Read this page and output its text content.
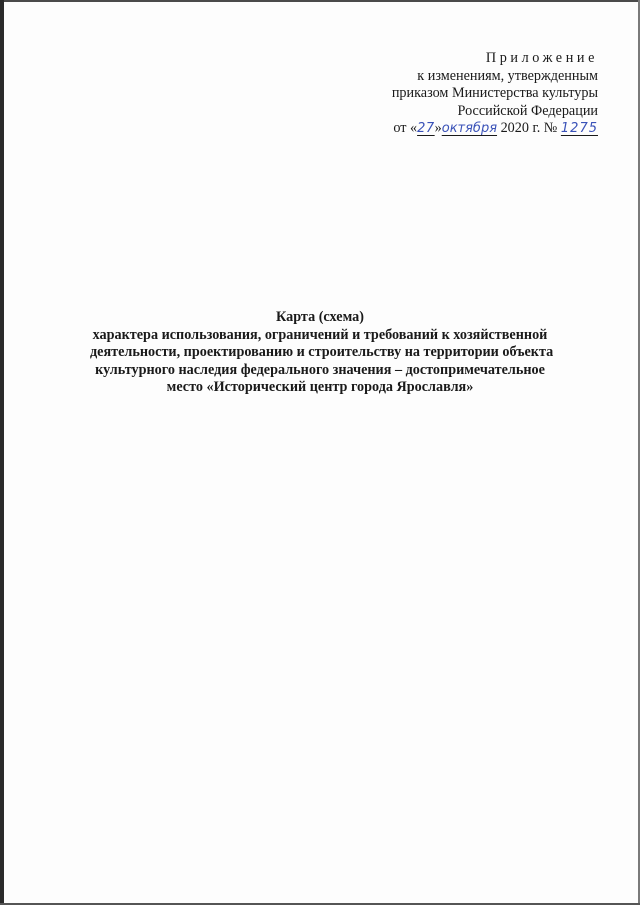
Приложение
к изменениям, утвержденным
приказом Министерства культуры
Российской Федерации
от «27»октября 2020 г. № 1275
Карта (схема)
характера использования, ограничений и требований к хозяйственной
деятельности, проектированию и строительству на территории объекта
культурного наследия федерального значения – достопримечательное
место «Исторический центр города Ярославля»
